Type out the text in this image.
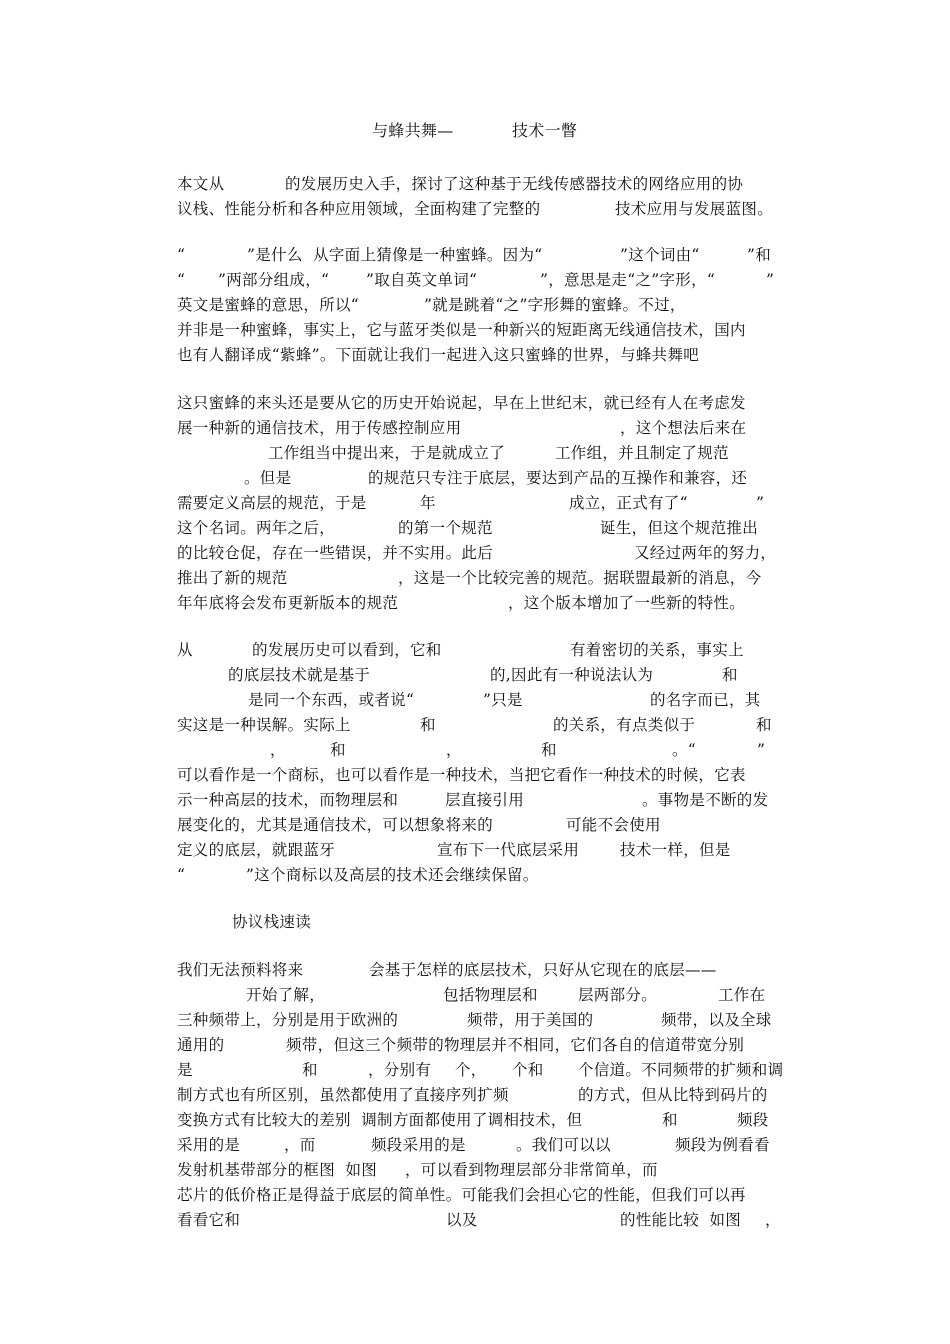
与蜂共舞—	技术一瞥
本文从	的发展历史入手，探讨了这种基于无线传感器技术的网络应用的协
议栈、性能分析和各种应用领域，全面构建了完整的	技术应用与发展蓝图。
“	”是什么  从字面上猜像是一种蜜蜂。因为“	”这个词由“	”和
“ ”两部分组成，“ ”取自英文单词“	”，意思是走“之”字形，“	”
英文是蜜蜂的意思，所以“	”就是跳着“之”字形舞的蜜蜂。不过，
并非是一种蜜蜂，事实上，它与蓝牙类似是一种新兴的短距离无线通信技术，国内
也有人翻译成“紫蜂”。下面就让我们一起进入这只蜜蜂的世界，与蜂共舞吧
这只蜜蜂的来头还是要从它的历史开始说起，早在上世纪末，就已经有人在考虑发
展一种新的通信技术，用于传感控制应用	，这个想法后来在
工作组当中提出来，于是就成立了	工作组，并且制定了规范
。但是	的规范只专注于底层，要达到产品的互操作和兼容，还
需要定义高层的规范，于是	年	成立，正式有了“	”
这个名词。两年之后，	的第一个规范	诞生，但这个规范推出
的比较仓促，存在一些错误，并不实用。此后	又经过两年的努力，
推出了新的规范	，这是一个比较完善的规范。据联盟最新的消息，今
年年底将会发布更新版本的规范	，这个版本增加了一些新的特性。
从	的发展历史可以看到，它和	有着密切的关系，事实上
的底层技术就是基于	的,因此有一种说法认为	和
是同一个东西，或者说“	”只是	的名字而已，其
实这是一种误解。实际上	和	的关系，有点类似于	和
，	和	，	和	。“	”
可以看作是一个商标，也可以看作是一种技术，当把它看作一种技术的时候，它表
示一种高层的技术，而物理层和	层直接引用	。事物是不断的发
展变化的，尤其是通信技术，可以想象将来的	可能不会使用
定义的底层，就跟蓝牙	宣布下一代底层采用	技术一样，但是
“	”这个商标以及高层的技术还会继续保留。
协议栈速读
我们无法预料将来	会基于怎样的底层技术，只好从它现在的底层——
开始了解，	包括物理层和	层两部分。	工作在
三种频带上，分别是用于欧洲的	频带，用于美国的	频带，以及全球
通用的	频带，但这三个频带的物理层并不相同，它们各自的信道带宽分别
是	和	，分别有 个， 个和 个信道。不同频带的扩频和调
制方式也有所区别，虽然都使用了直接序列扩频	的方式，但从比特到码片的
变换方式有比较大的差别  调制方面都使用了调相技术，但	和	频段
采用的是	，而	频段采用的是	。我们可以以	频段为例看看
发射机基带部分的框图  如图 ，可以看到物理层部分非常简单，而
芯片的低价格正是得益于底层的简单性。可能我们会担心它的性能，但我们可以再
看看它和	以及	的性能比较  如图 ，
